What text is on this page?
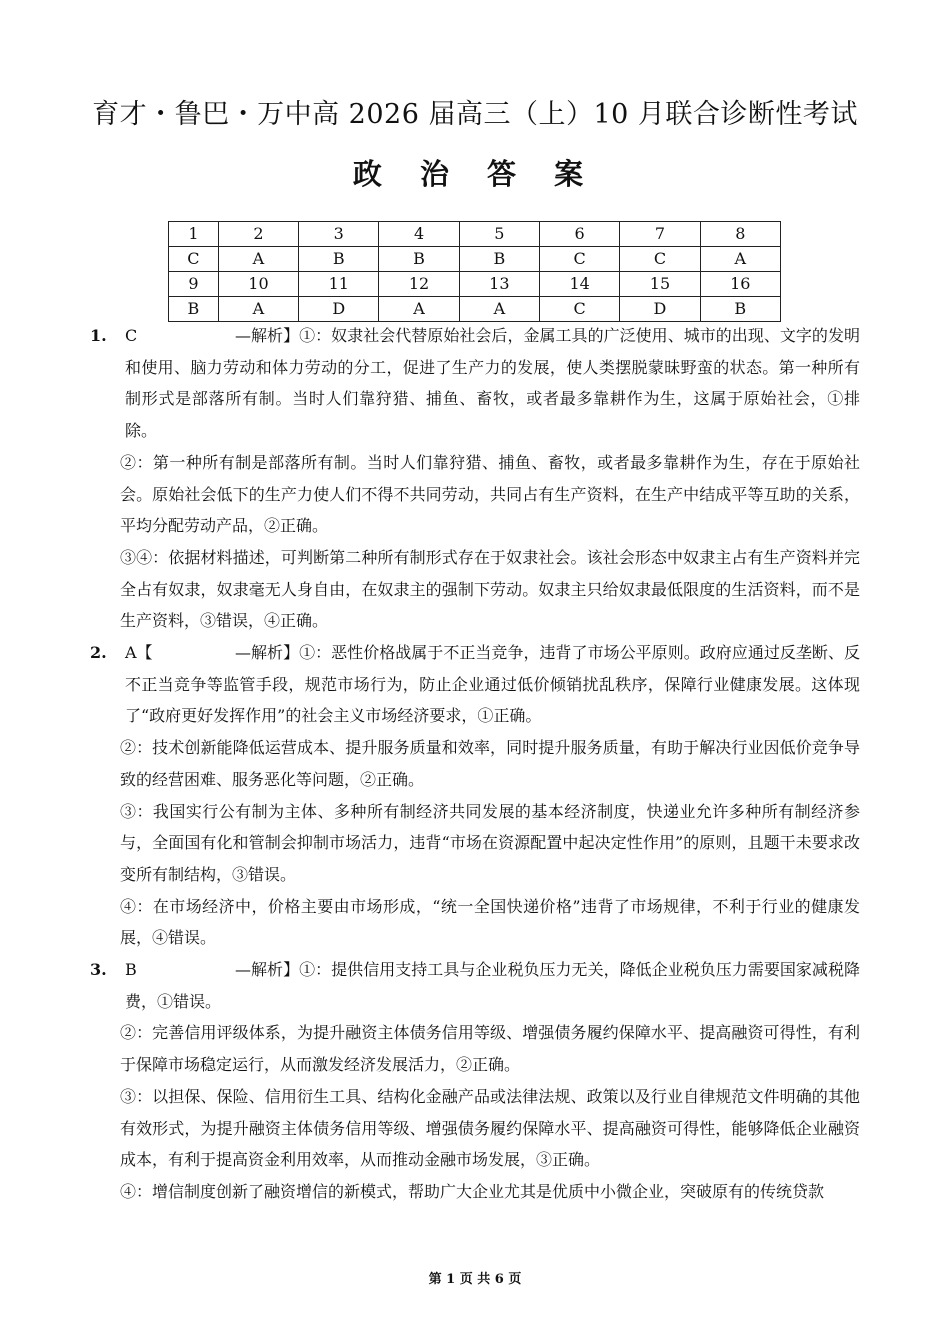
育才・鲁巴・万中高 2026 届高三（上）10 月联合诊断性考试
政 治 答 案
1	2	3	4	5	6	7	8
C	A	B	B	B	C	C	A
9	10	11	12	13	14	15	16
B	A	D	A	A	C	D	B
1.	C	—解析】①：奴隶社会代替原始社会后，金属工具的广泛使用、城市的出现、文字的发明和使用、脑力劳动和体力劳动的分工，促进了生产力的发展，使人类摆脱蒙昧野蛮的状态。第一种所有制形式是部落所有制。当时人们靠狩猎、捕鱼、畜牧，或者最多靠耕作为生，这属于原始社会，①排除。
②：第一种所有制是部落所有制。当时人们靠狩猎、捕鱼、畜牧，或者最多靠耕作为生，存在于原始社会。原始社会低下的生产力使人们不得不共同劳动，共同占有生产资料，在生产中结成平等互助的关系，平均分配劳动产品，②正确。
③④：依据材料描述，可判断第二种所有制形式存在于奴隶社会。该社会形态中奴隶主占有生产资料并完全占有奴隶，奴隶毫无人身自由，在奴隶主的强制下劳动。奴隶主只给奴隶最低限度的生活资料，而不是生产资料，③错误，④正确。
2.	A【	—解析】①：恶性价格战属于不正当竞争，违背了市场公平原则。政府应通过反垄断、反不正当竞争等监管手段，规范市场行为，防止企业通过低价倾销扰乱秩序，保障行业健康发展。这体现了“政府更好发挥作用”的社会主义市场经济要求，①正确。
②：技术创新能降低运营成本、提升服务质量和效率，同时提升服务质量，有助于解决行业因低价竞争导致的经营困难、服务恶化等问题，②正确。
③：我国实行公有制为主体、多种所有制经济共同发展的基本经济制度，快递业允许多种所有制经济参与，全面国有化和管制会抑制市场活力，违背“市场在资源配置中起决定性作用”的原则，且题干未要求改变所有制结构，③错误。
④：在市场经济中，价格主要由市场形成，“统一全国快递价格”违背了市场规律，不利于行业的健康发展，④错误。
3.	B	—解析】①：提供信用支持工具与企业税负压力无关，降低企业税负压力需要国家减税降费，①错误。
②：完善信用评级体系，为提升融资主体债务信用等级、增强债务履约保障水平、提高融资可得性，有利于保障市场稳定运行，从而激发经济发展活力，②正确。
③：以担保、保险、信用衍生工具、结构化金融产品或法律法规、政策以及行业自律规范文件明确的其他有效形式，为提升融资主体债务信用等级、增强债务履约保障水平、提高融资可得性，能够降低企业融资成本，有利于提高资金利用效率，从而推动金融市场发展，③正确。
④：增信制度创新了融资增信的新模式，帮助广大企业尤其是优质中小微企业，突破原有的传统贷款
第 1 页 共 6 页
